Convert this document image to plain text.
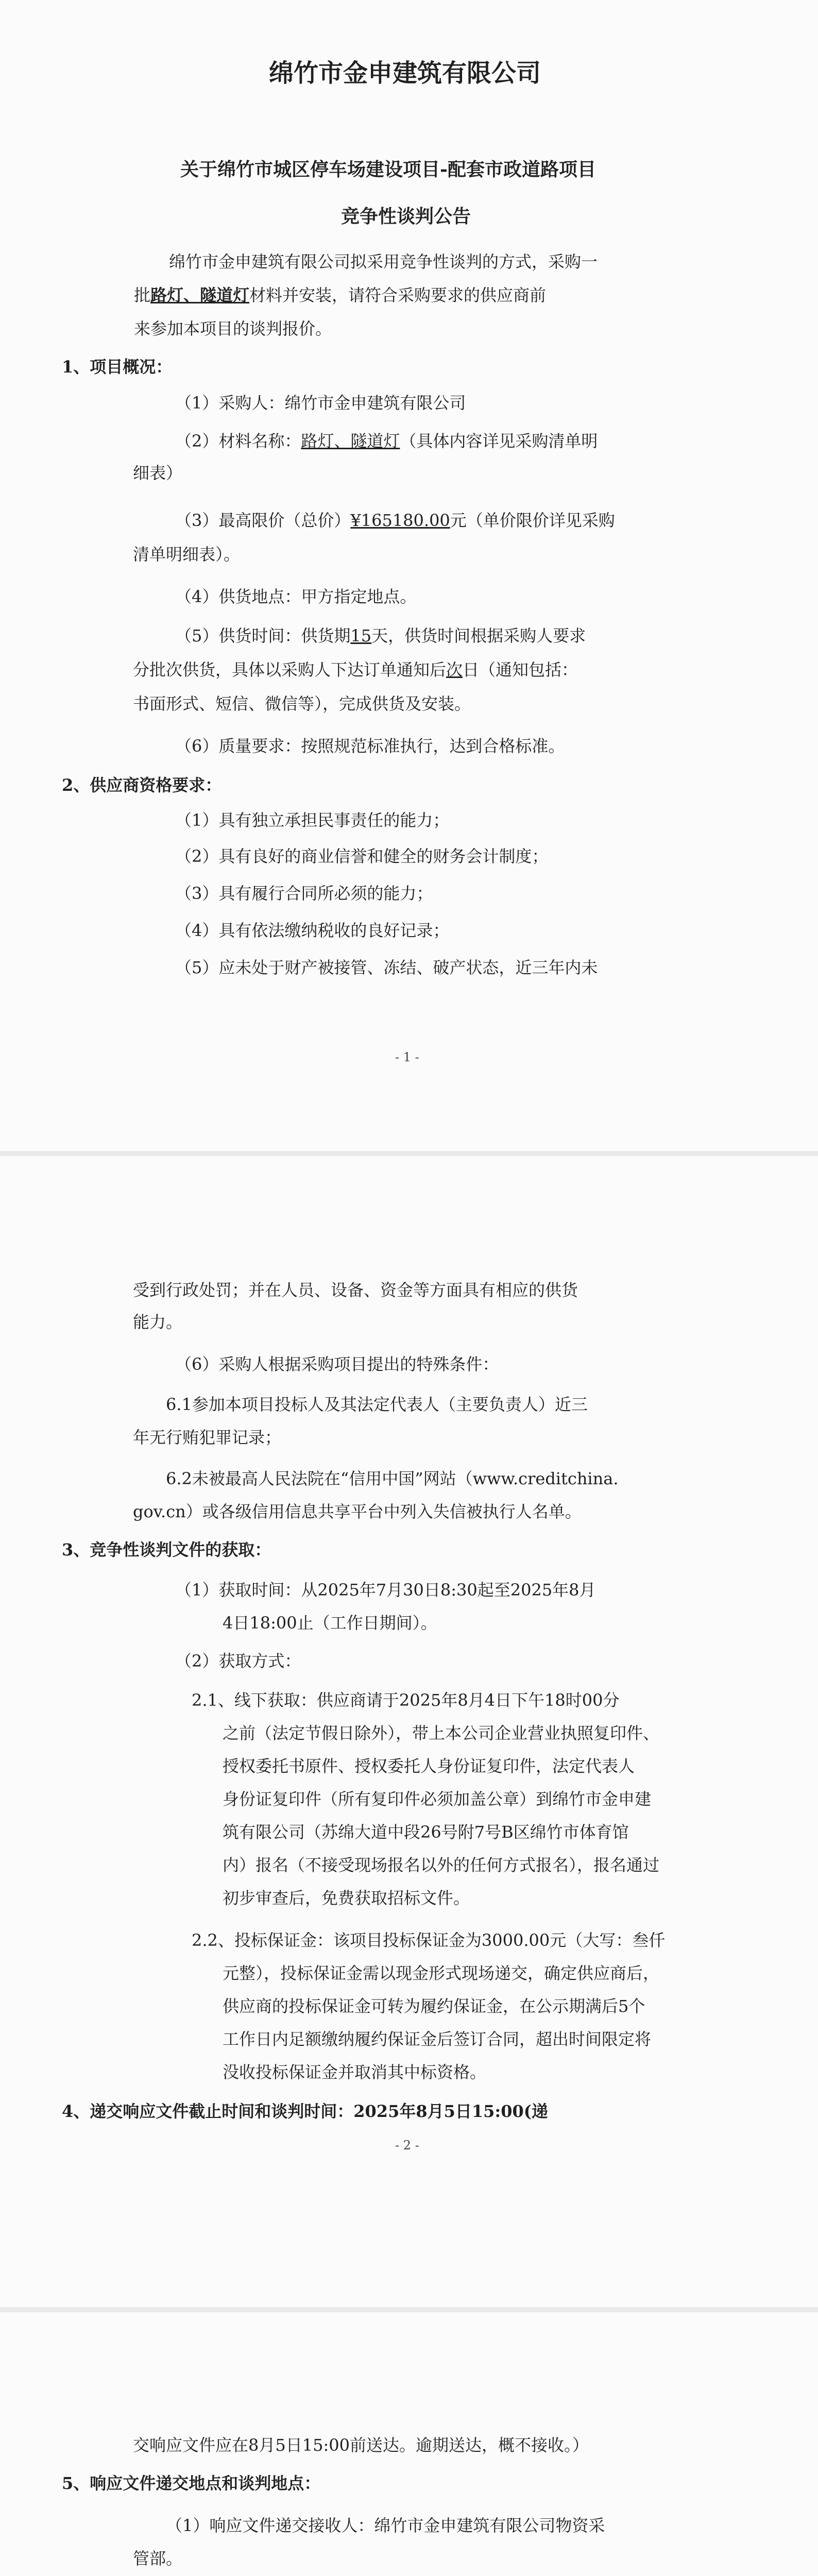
绵竹市金申建筑有限公司
关于绵竹市城区停车场建设项目-配套市政道路项目
竞争性谈判公告
绵竹市金申建筑有限公司拟采用竞争性谈判的方式，采购一
批路灯、隧道灯材料并安装，请符合采购要求的供应商前
来参加本项目的谈判报价。
1、项目概况：
（1）采购人：绵竹市金申建筑有限公司
（2）材料名称：路灯、隧道灯（具体内容详见采购清单明
细表）
（3）最高限价（总价）¥165180.00元（单价限价详见采购
清单明细表）。
（4）供货地点：甲方指定地点。
（5）供货时间：供货期15天，供货时间根据采购人要求
分批次供货，具体以采购人下达订单通知后次日（通知包括：
书面形式、短信、微信等），完成供货及安装。
（6）质量要求：按照规范标准执行，达到合格标准。
2、供应商资格要求：
（1）具有独立承担民事责任的能力；
（2）具有良好的商业信誉和健全的财务会计制度；
（3）具有履行合同所必须的能力；
（4）具有依法缴纳税收的良好记录；
（5）应未处于财产被接管、冻结、破产状态，近三年内未
- 1 -
受到行政处罚；并在人员、设备、资金等方面具有相应的供货
能力。
（6）采购人根据采购项目提出的特殊条件：
6.1参加本项目投标人及其法定代表人（主要负责人）近三
年无行贿犯罪记录；
6.2未被最高人民法院在“信用中国”网站（www.creditchina.
gov.cn）或各级信用信息共享平台中列入失信被执行人名单。
3、竞争性谈判文件的获取：
（1）获取时间：从2025年7月30日8:30起至2025年8月
4日18:00止（工作日期间）。
（2）获取方式：
2.1、线下获取：供应商请于2025年8月4日下午18时00分
之前（法定节假日除外），带上本公司企业营业执照复印件、
授权委托书原件、授权委托人身份证复印件，法定代表人
身份证复印件（所有复印件必须加盖公章）到绵竹市金申建
筑有限公司（苏绵大道中段26号附7号B区绵竹市体育馆
内）报名（不接受现场报名以外的任何方式报名），报名通过
初步审查后，免费获取招标文件。
2.2、投标保证金：该项目投标保证金为3000.00元（大写：叁仟
元整），投标保证金需以现金形式现场递交，确定供应商后，
供应商的投标保证金可转为履约保证金，在公示期满后5个
工作日内足额缴纳履约保证金后签订合同，超出时间限定将
没收投标保证金并取消其中标资格。
4、递交响应文件截止时间和谈判时间：2025年8月5日15:00(递
- 2 -
交响应文件应在8月5日15:00前送达。逾期送达，概不接收。）
5、响应文件递交地点和谈判地点：
（1）响应文件递交接收人：绵竹市金申建筑有限公司物资采
管部。
